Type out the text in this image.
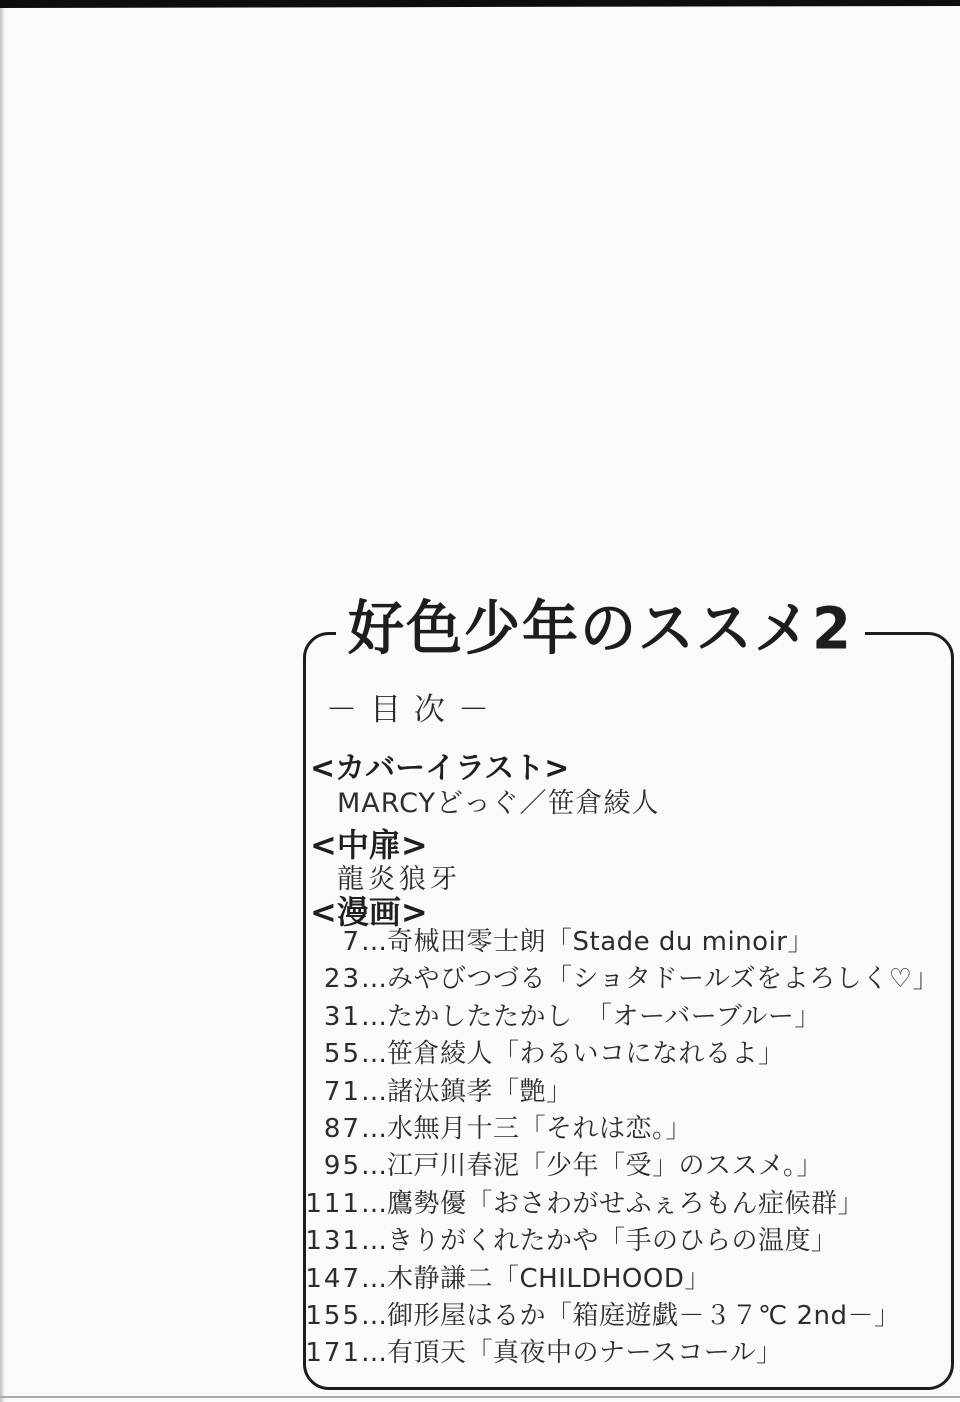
好色少年のススメ2
－目次－
<カバーイラスト>
MARCYどっぐ／笹倉綾人
<中扉>
龍炎狼牙
<漫画>
7 … 奇械田零士朗「Stade du minoir」
23 … みやびつづる「ショタドールズをよろしく♡」
31 … たかしたたかし　「オーバーブルー」
55 … 笹倉綾人「わるいコになれるよ」
71 … 諸汰鎮孝「艶」
87 … 水無月十三「それは恋。」
95 … 江戸川春泥「少年「受」のススメ。」
111 … 鷹勢優「おさわがせふぇろもん症候群」
131 … きりがくれたかや「手のひらの温度」
147 … 木静謙二「CHILDHOOD」
155 … 御形屋はるか「箱庭遊戯－３７℃ 2nd－」
171 … 有頂天「真夜中のナースコール」
